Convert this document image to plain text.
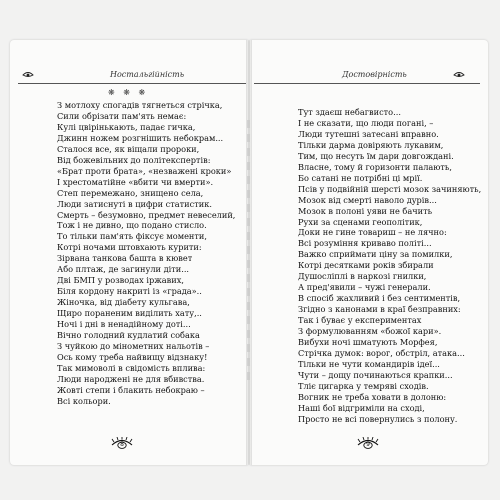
Ностальгійність
❋ ❋ ❋
Достовірність
З мотлоху спогадів тягнеться стрічка,
Сили обрізати пам'ять немає:
Кулі цвірінькають, падає гичка,
Джинн ножем розгнішить небокрам...
Сталося все, як віщали пророки,
Від божевільних до політекспертів:
«Брат проти брата», «незважені кроки»
І хрестоматійне «вбити чи вмерти».
Степ перемежано, знищено села,
Люди затиснуті в цифри статистик.
Смерть – безумовно, предмет невеселий,
Тож і не дивно, що подано стисло.
То тільки пам'ять фіксує моменти,
Котрі ночами штовхають курити:
Зірвана танкова башта в кювет
Або плтаж, де загинули діти...
Дві БМП у розводах іржавих,
Біля кордону накриті із «града»..
Жіночка, від діабету кульгава,
Щиро пораненим виділить хату,..
Ночі і дні в ненадійному доті...
Вічно голодний кудлатий собака
З чуйкою до мінометних нальотів –
Ось кому треба найвищу відзнаку!
Так мимоволі в свідомість вплива:
Люди народжені не для вбивства.
Жовті степи і блакить небокраю –
Всі кольори.
Тут здаєш небагвисто...
І не сказати, що люди погані, –
Люди тутешні затесані вправно.
Тільки дарма довіряють лукавим,
Тим, що несуть їм дари довгождані.
Власне, тому й горизонти палають,
Бо сатані не потрібні ці мрії.
Псів у подвійній шерсті мозок зачиняють,
Мозок від смерті наволо дурів...
Мозок в полоні уяви не бачить
Рухи за сценами геополітик,
Доки не гине товариш – не лячно:
Всі розуміння криваво політі...
Важко сприймати ціну за помилки,
Котрі десятками років збирали
Душосліплі в наркозі гнилки,
А пред'явили – чужі генерали.
В спосіб жахливий і без сентиментів,
Згідно з канонами в краї безправних:
Так і буває у експериментах
З формулюванням «божої кари».
Вибухи ночі шматують Морфея,
Стрічка думок: ворог, обстріл, атака...
Тільки не чути командирів ідеї...
Чути – дощу починаються крапки...
Тліє цигарка у темряві сходів.
Вогник не треба ховати в долоню:
Наші бої відгриміли на сході,
Просто не всі повернулись з полону.
8	9
